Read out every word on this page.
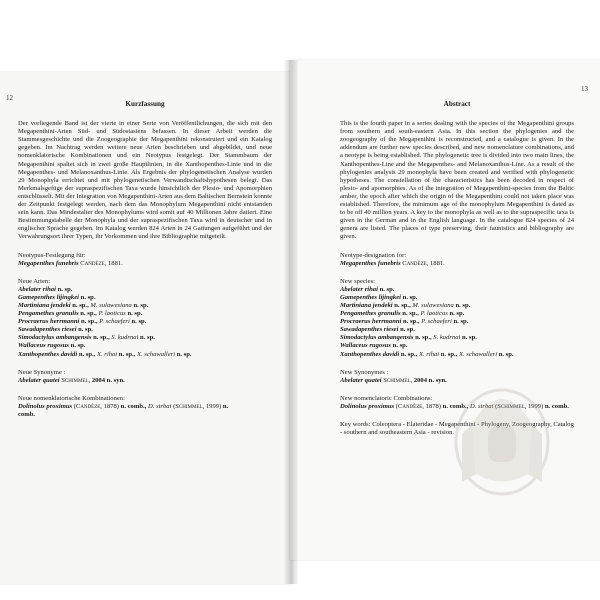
12
13
Kurzfassung

Der vorliegende Band ist der vierte in einer Serie von Veröffentlichungen, die sich mit den Megapenthini-Arten Süd- und Südostasiens befassen. In dieser Arbeit werden die Stammesgeschichte und die Zoogeographie der Megapenthini rekonstruiert und ein Katalog gegeben. Im Nachtrag werden weitere neue Arten beschrieben und abgebildet, und neue nomenklatorische Kombinationen und ein Neotypus festgelegt. Der Stammbaum der Megapenthini spaltet sich in zwei große Hauptlinien, in die Xanthopenthes-Linie und in die Megapenthes- und Melanoxanthus-Linie. Als Ergebnis der phylogenetischen Analyse wurden 29 Monophyla errichtet und mit phylogenetischen Verwandtschaftshypothesen belegt. Das Merkmalsgefüge der supraspezifischen Taxa wurde hinsichtlich der Plesio- und Apomorphien entschlüsselt. Mit der Integration von Megapenthini-Arten aus dem Baltischen Bernstein konnte der Zeitpunkt festgelegt werden, nach dem das Monophylum Megapenthini nicht entstanden sein kann. Das Mindestalter des Monophylums wird somit auf 40 Millionen Jahre datiert. Eine Bestimmungstabelle der Monophyla und der supraspezifischen Taxa wird in deutscher und in englischer Sprache gegeben. Im Katalog werden 824 Arten in 24 Gattungen aufgeführt und der Verwahrungsort ihrer Typen, ihr Vorkommen und ihre Bibliographie mitgeteilt.

Neotypus-Festlegung für:

Megapenthes funebris Candèze, 1881.

Neue Arten:

Abelater rihai n. sp.

Gamepenthes lijingkei n. sp.

Martiniana jendeki n. sp., M. sulawesiana n. sp.

Pengamethes granulis n. sp., P. laoticus n. sp.

Procraerus herrmanni n. sp., P. schaeferi n. sp.

Sawadapenthes riesei n. sp.

Simodactylus ambangensis n. sp., S. kudrnai n. sp.

Wallaceus rugosus n. sp.

Xanthopenthes davidi n. sp., X. rihai n. sp., X. schawalleri n. sp.

Neue Synonyme :

Abelater quatei Schimmel, 2004 n. syn.

Neue nomenklatorische Kombinationen:

Dolinolus proximus (Candèze, 1878) n. comb., D. strbai (Schimmel, 1999) n.

comb.

Abstract

This is the fourth paper in a series dealing with the species of the Megapenthini groups from southern and south-eastern Asia. In this section the phylogenies and the zoogeography of the Megapenthini is reconstructed, and a catalogue is given. In the addendum are further new species described, and new nomenclature combinations, and a neotype is being established. The phylogenetic tree is divided into two main lines, the Xanthopenthes-Line and the Megapenthes- and Melanoxanthus-Line. As a result of the phylogenies analysis 29 monophyla have been created and verified with phylogenetic hypotheses. The constellation of the characteristics has been decoded in respect of plesio- and apomorphies. As of the integration of Megapenthini-species from the Baltic amber, the epoch after which the origin of the Megapenthini could not taken place was established. Therefore, the minimum age of the monophylum Megapenthini is dated as to be off 40 million years. A key to the monophyla as well as to the supraspecific taxa is given in the German and in the English language. In the catalogue 824 species of 24 genera are listed. The places of type preserving, their faunistics and bibliography are given.

Neotype-designation for:

Megapenthes funebris Candèze, 1881.

New species:

Abelater rihai n. sp.

Gamepenthes lijingkei n. sp.

Martiniana jendeki n. sp., M. sulawesiana n. sp.

Pengamethes granulis n. sp., P. laoticus n. sp.

Procraerus herrmanni n. sp., P. schaeferi n. sp.

Sawadapenthes riesei n. sp.

Simodactylus ambangensis n. sp., S. kudrnai n. sp.

Wallaceus rugosus n. sp.

Xanthopenthes davidi n. sp., X. rihai n. sp., X. schawalleri n. sp.

New Synonymes :

Abelater quatei Schimmel, 2004 n. syn.

New nomenclatoric Combinations:

Dolinolus proximus (Candèze, 1878) n. comb., D. strbai (Schimmel, 1999) n. comb.

Key words: Coleoptera - Elateridae - Megapenthini - Phylogeny, Zoogeography, Catalog - southern and southeastern Asia - revision.
